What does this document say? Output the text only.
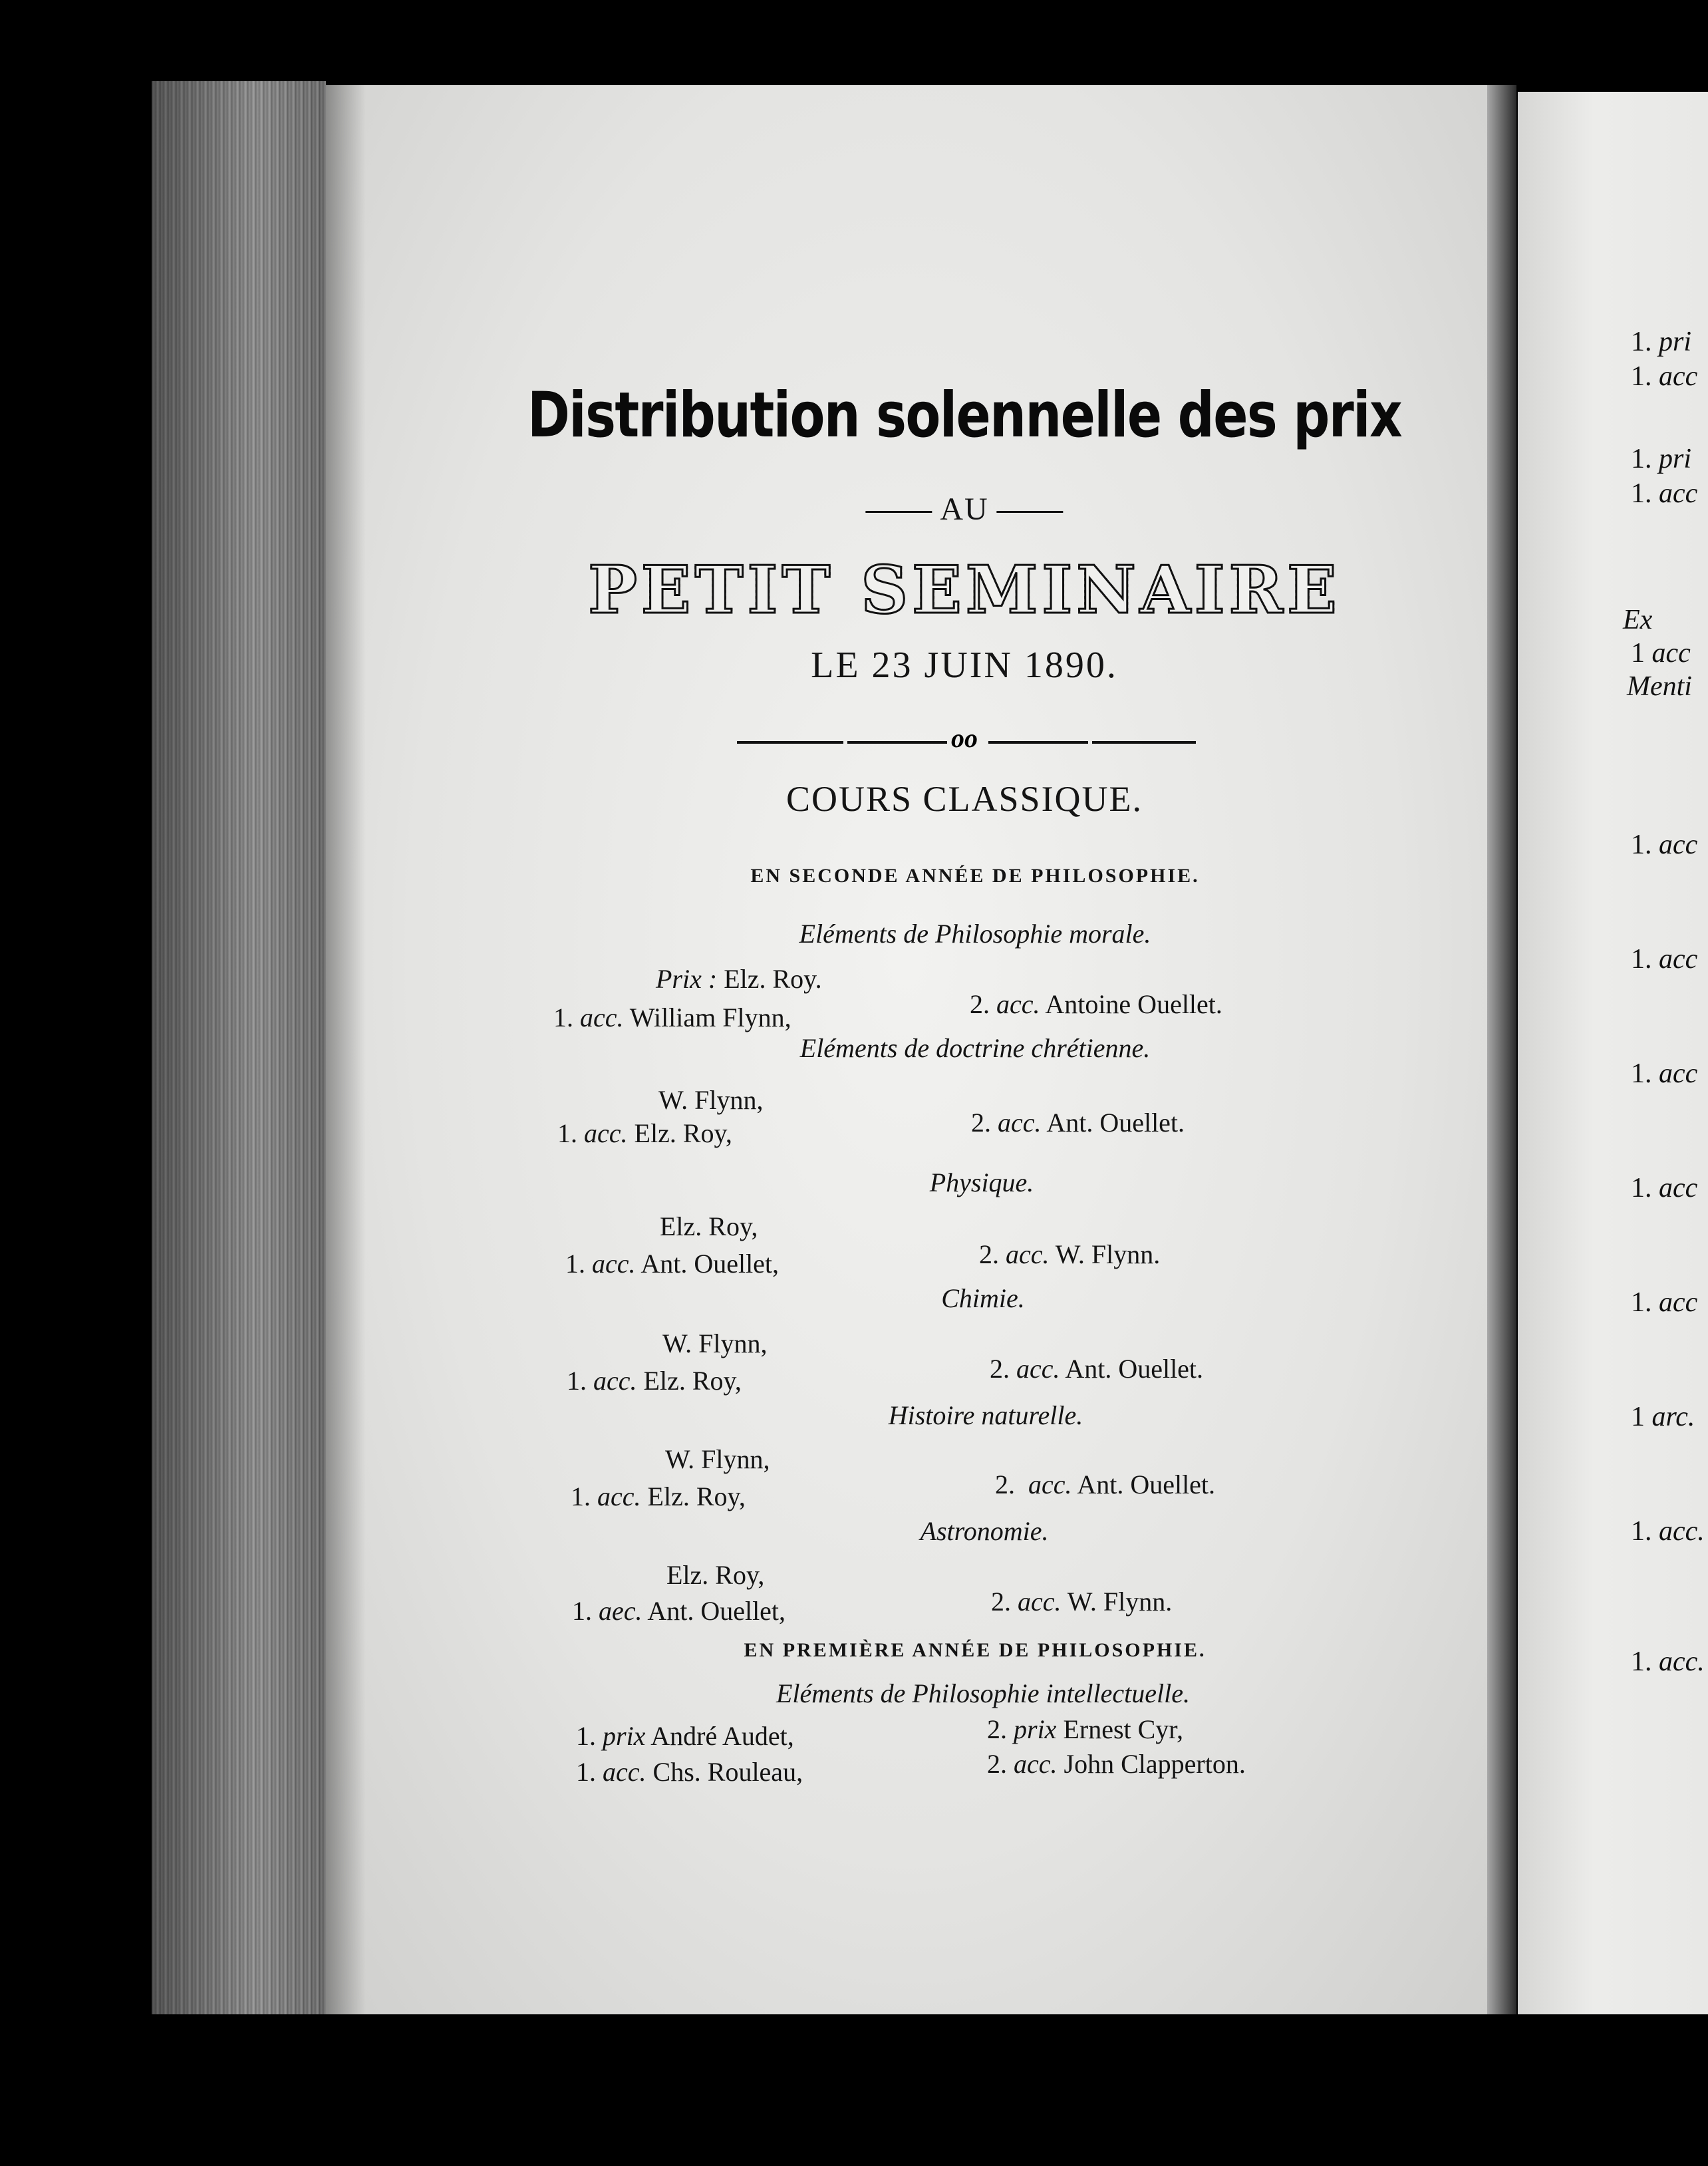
1. pri
1. acc
1. pri
1. acc
Ex
1 acc
Menti
1. acc
1. acc
1. acc
1. acc
1. acc
1 arc.
1. acc.
1. acc.
Distribution solennelle des prix
AU
PETIT SEMINAIRE
LE 23 JUIN 1890.
oo
COURS CLASSIQUE.
EN SECONDE ANNÉE DE PHILOSOPHIE.
Eléments de Philosophie morale.
Prix : Elz. Roy.
1. acc. William Flynn,	2. acc. Antoine Ouellet.
Eléments de doctrine chrétienne.
W. Flynn,
1. acc. Elz. Roy,	2. acc. Ant. Ouellet.
Physique.
Elz. Roy,
1. acc. Ant. Ouellet,	2. acc. W. Flynn.
Chimie.
W. Flynn,
1. acc. Elz. Roy,	2. acc. Ant. Ouellet.
Histoire naturelle.
W. Flynn,
1. acc. Elz. Roy,	2. acc. Ant. Ouellet.
Astronomie.
Elz. Roy,
1. aec. Ant. Ouellet,	2. acc. W. Flynn.
EN PREMIÈRE ANNÉE DE PHILOSOPHIE.
Eléments de Philosophie intellectuelle.
1. prix André Audet,	2. prix Ernest Cyr,
1. acc. Chs. Rouleau,	2. acc. John Clapperton.
